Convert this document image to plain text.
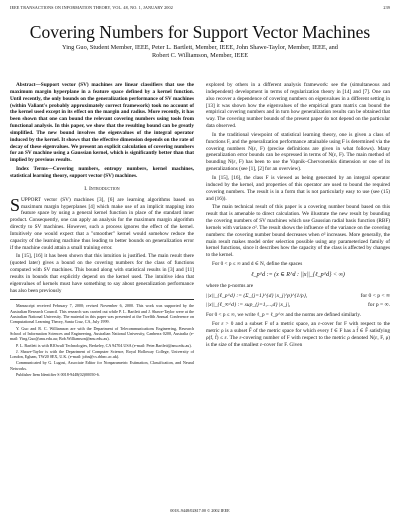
IEEE TRANSACTIONS ON INFORMATION THEORY, VOL. 48, NO. 1, JANUARY 2002	239
Covering Numbers for Support Vector Machines
Ying Guo, Student Member, IEEE, Peter L. Bartlett, Member, IEEE, John Shawe-Taylor, Member, IEEE, and
Robert C. Williamson, Member, IEEE

Abstract—Support vector (SV) machines are linear classifiers that use the maximum margin hyperplane in a feature space defined by a kernel function. Until recently, the only bounds on the generalization performance of SV machines (within Valiant's probably approximately correct framework) took no account of the kernel used except in its effect on the margin and radius. More recently, it has been shown that one can bound the relevant covering numbers using tools from functional analysis. In this paper, we show that the resulting bound can be greatly simplified. The new bound involves the eigenvalues of the integral operator induced by the kernel. It shows that the effective dimension depends on the rate of decay of these eigenvalues. We present an explicit calculation of covering numbers for an SV machine using a Gaussian kernel, which is significantly better than that implied by previous results.

Index Terms—Covering numbers, entropy numbers, kernel machines, statistical learning theory, support vector (SV) machines.

I. Introduction

SUPPORT vector (SV) machines [3], [6] are learning algorithms based on maximum margin hyperplanes [4] which make use of an implicit mapping into feature space by using a general kernel function in place of the standard inner product. Consequently, one can apply an analysis for the maximum margin algorithm directly to SV machines. However, such a process ignores the effect of the kernel. Intuitively one would expect that a "smoother" kernel would somehow reduce the capacity of the learning machine thus leading to better bounds on generalization error if the machine could attain a small training error.

In [15], [16] it has been shown that this intuition is justified. The main result there (quoted later) gives a bound on the covering numbers for the class of functions computed with SV machines. This bound along with statistical results in [3] and [11] results in bounds that explicitly depend on the kernel used. The intuitive idea that eigenvalues of kernels must have something to say about generalization performance has also been previously

Manuscript received February 7, 2000; revised November 6, 2000. This work was supported by the Australian Research Council. This research was carried out while P. L. Bartlett and J. Shawe-Taylor were at the Australian National University. The material in this paper was presented at the Twelfth Annual Conference on Computational Learning Theory, Santa Cruz, CA, July 1999.

Y. Guo and R. C. Williamson are with the Department of Telecommunications Engineering, Research School of Information Sciences and Engineering, Australian National University, Canberra 0200, Australia (e-mail: Ying.Guo@anu.edu.au; Bob.Williamson@anu.edu.au).

P. L. Bartlett is with BIOwulf Technologies, Berkeley, CA 94704 USA (e-mail: Peter.Bartlett@anu.edu.au).

J. Shawe-Taylor is with the Department of Computer Science, Royal Holloway College, University of London, Egham, TW20 0EX, U.K. (e-mail: john@cs.rhbnc.ac.uk).

Communicated by G. Lugosi, Associate Editor for Nonparametric Estimation, Classification, and Neural Networks.

Publisher Item Identifier S 0018-9448(02)00050-6.

explored by others in a different analysis framework: see the (simultaneous and independent) development in terms of regularization theory in [14] and [7]. One can also recover a dependence of covering numbers on eigenvalues in a different setting in [13] it was shown how the eigenvalues of the empirical gram matrix can bound the empirical covering numbers and in turn how generalization results can be obtained that way. The covering number bounds of the present paper do not depend on the particular data observed.

In the traditional viewpoint of statistical learning theory, one is given a class of functions F, and the generalization performance attainable using F is determined via the covering numbers N(ε, F) (precise definitions are given in what follows). Many generalization error bounds can be expressed in terms of N(ε, F). The main method of bounding N(ε, F) has been to use the Vapnik–Chervonenkis dimension or one of its generalizations (see [1], [2] for an overview).

In [15], [16], the class F is viewed as being generated by an integral operator induced by the kernel, and properties of this operator are used to bound the required covering numbers. The result is in a form that is not particularly easy to use (see (15) and (16)).

The main technical result of this paper is a covering number bound based on this result that is amenable to direct calculation. We illustrate the new result by bounding the covering numbers of SV machines which use Gaussian radial basis function (RBF) kernels with variance σ². The result shows the influence of the variance on the covering numbers: the covering number bound decreases when σ² increases. More generally, the main result makes model order selection possible using any parameterized family of kernel functions, since it describes how the capacity of the class is affected by changes to the kernel.

For 0 < p ≤ ∞ and d ∈ N, define the spaces

ℓ_p^d := (x ∈ R^d : ||x||_{ℓ_p^d} < ∞)

where the p-norms are

||x||_{ℓ_p^d} := (Σ_{j=1}^{d} |x_j|^p)^{1/p},	for 0 < p < ∞
||x||_{ℓ_∞^d} := sup_{j=1,...,d} |x_j|,	for p = ∞.

For 0 < p ≤ ∞, we write ℓ_p = ℓ_p^∞ and the norms are defined similarly.

For ε > 0 and a subset F of a metric space, an ε-cover for F with respect to the metric ρ is a subset F̃ of the metric space for which every f ∈ F has a f̃ ∈ F̃ satisfying ρ(f, f̃) ≤ ε. The ε-covering number of F with respect to the metric ρ denoted N(ε, F, ρ) is the size of the smallest ε-cover for F. Given

0018–9448/02$17.00 © 2002 IEEE
